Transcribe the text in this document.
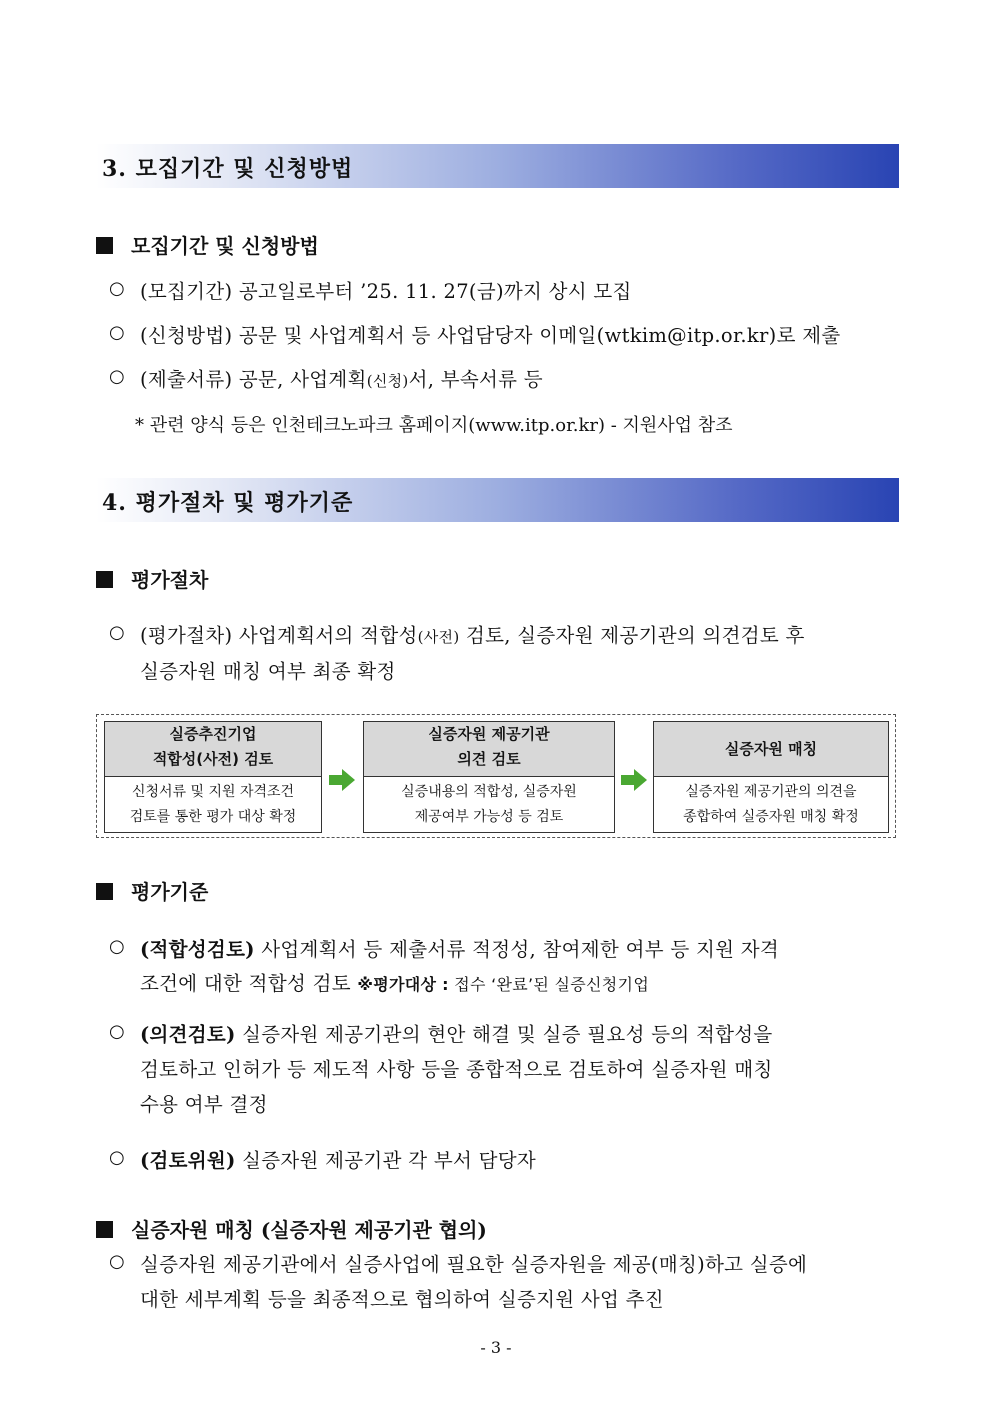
3. 모집기간 및 신청방법
모집기간 및 신청방법
○ (모집기간) 공고일로부터 ’25. 11. 27(금)까지 상시 모집
○ (신청방법) 공문 및 사업계획서 등 사업담당자 이메일(wtkim@itp.or.kr)로 제출
○ (제출서류) 공문, 사업계획(신청)서, 부속서류 등
* 관련 양식 등은 인천테크노파크 홈페이지(www.itp.or.kr) - 지원사업 참조
4. 평가절차 및 평가기준
평가절차
○ (평가절차) 사업계획서의 적합성(사전) 검토, 실증자원 제공기관의 의견검토 후
실증자원 매칭 여부 최종 확정
실증추진기업
적합성(사전) 검토
신청서류 및 지원 자격조건
검토를 통한 평가 대상 확정
실증자원 제공기관
의견 검토
실증내용의 적합성, 실증자원
제공여부 가능성 등 검토
실증자원 매칭
실증자원 제공기관의 의견을
종합하여 실증자원 매칭 확정
평가기준
○ (적합성검토) 사업계획서 등 제출서류 적정성, 참여제한 여부 등 지원 자격
조건에 대한 적합성 검토 ※평가대상 : 접수 ‘완료’된 실증신청기업
○ (의견검토) 실증자원 제공기관의 현안 해결 및 실증 필요성 등의 적합성을
검토하고 인허가 등 제도적 사항 등을 종합적으로 검토하여 실증자원 매칭
수용 여부 결정
○ (검토위원) 실증자원 제공기관 각 부서 담당자
실증자원 매칭 (실증자원 제공기관 협의)
○ 실증자원 제공기관에서 실증사업에 필요한 실증자원을 제공(매칭)하고 실증에
대한 세부계획 등을 최종적으로 협의하여 실증지원 사업 추진
- 3 -
